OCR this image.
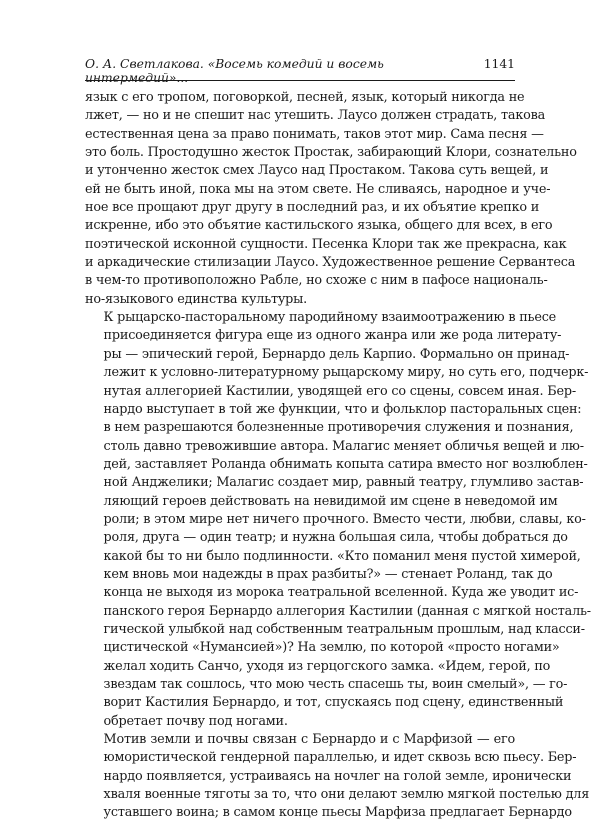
О. А. Светлакова. «Восемь комедий и восемь интермедий»...
1141
язык с его тропом, поговоркой, песней, язык, который никогда не
лжет, — но и не спешит нас утешить. Лаусо должен страдать, такова
естественная цена за право понимать, таков этот мир. Сама песня —
это боль. Простодушно жесток Простак, забирающий Клори, сознательно
и утонченно жесток смех Лаусо над Простаком. Такова суть вещей, и
ей не быть иной, пока мы на этом свете. Не сливаясь, народное и уче-
ное все прощают друг другу в последний раз, и их объятие крепко и
искренне, ибо это объятие кастильского языка, общего для всех, в его
поэтической исконной сущности. Песенка Клори так же прекрасна, как
и аркадические стилизации Лаусо. Художественное решение Сервантеса
в чем-то противоположно Рабле, но схоже с ним в пафосе националь-
но-языкового единства культуры.
К рыцарско-пасторальному пародийному взаимоотражению в пьесе
присоединяется фигура еще из одного жанра или же рода литерату-
ры — эпический герой, Бернардо дель Карпио. Формально он принад-
лежит к условно-литературному рыцарскому миру, но суть его, подчерк-
нутая аллегорией Кастилии, уводящей его со сцены, совсем иная. Бер-
нардо выступает в той же функции, что и фольклор пасторальных сцен:
в нем разрешаются болезненные противоречия служения и познания,
столь давно тревожившие автора. Малагис меняет обличья вещей и лю-
дей, заставляет Роланда обнимать копыта сатира вместо ног возлюблен-
ной Анджелики; Малагис создает мир, равный театру, глумливо застав-
ляющий героев действовать на невидимой им сцене в неведомой им
роли; в этом мире нет ничего прочного. Вместо чести, любви, славы, ко-
роля, друга — один театр; и нужна большая сила, чтобы добраться до
какой бы то ни было подлинности. «Кто поманил меня пустой химерой,
кем вновь мои надежды в прах разбиты?» — стенает Роланд, так до
конца не выходя из морока театральной вселенной. Куда же уводит ис-
панского героя Бернардо аллегория Кастилии (данная с мягкой носталь-
гической улыбкой над собственным театральным прошлым, над класси-
цистической «Нумансией»)? На землю, по которой «просто ногами»
желал ходить Санчо, уходя из герцогского замка. «Идем, герой, по
звездам так сошлось, что мою честь спасешь ты, воин смелый», — го-
ворит Кастилия Бернардо, и тот, спускаясь под сцену, единственный
обретает почву под ногами.
Мотив земли и почвы связан с Бернардо и с Марфизой — его
юмористической гендерной параллелью, и идет сквозь всю пьесу. Бер-
нардо появляется, устраиваясь на ночлег на голой земле, иронически
хваля военные тяготы за то, что они делают землю мягкой постелью для
уставшего воина; в самом конце пьесы Марфиза предлагает Бернардо
